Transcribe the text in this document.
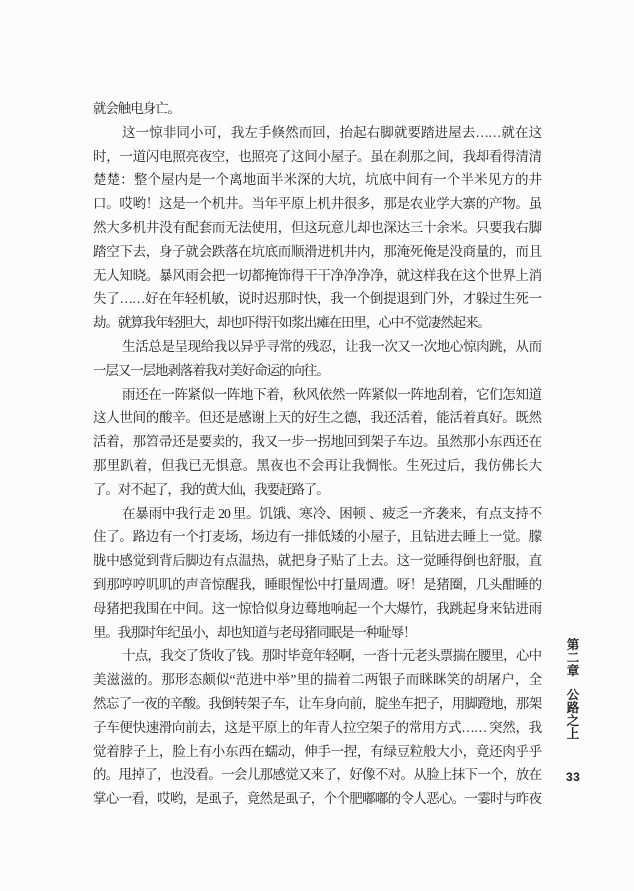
就会触电身亡。
这一惊非同小可，我左手倏然而回，抬起右脚就要踏进屋去……就在这
时，一道闪电照亮夜空，也照亮了这间小屋子。虽在刹那之间，我却看得清清
楚楚：整个屋内是一个离地面半米深的大坑，坑底中间有一个半米见方的井
口。哎哟！这是一个机井。当年平原上机井很多，那是农业学大寨的产物。虽
然大多机井没有配套而无法使用，但这玩意儿却也深达三十余米。只要我右脚
踏空下去，身子就会跌落在坑底而顺滑进机井内，那淹死俺是没商量的，而且
无人知晓。暴风雨会把一切都掩饰得干干净净净净，就这样我在这个世界上消
失了……好在年轻机敏，说时迟那时快，我一个倒提退到门外，才躲过生死一
劫。就算我年轻胆大，却也吓得汗如浆出瘫在田里，心中不觉凄然起来。
生活总是呈现给我以异乎寻常的残忍，让我一次又一次地心惊肉跳，从而
一层又一层地剥落着我对美好命运的向往。
雨还在一阵紧似一阵地下着，秋风依然一阵紧似一阵地刮着，它们怎知道
这人世间的酸辛。但还是感谢上天的好生之德，我还活着，能活着真好。既然
活着，那笤帚还是要卖的，我又一步一拐地回到架子车边。虽然那小东西还在
那里趴着，但我已无惧意。黑夜也不会再让我惆怅。生死过后，我仿佛长大
了。对不起了，我的黄大仙，我要赶路了。
在暴雨中我行走 20 里。饥饿、寒冷、困顿 、疲乏一齐袭来，有点支持不
住了。路边有一个打麦场，场边有一排低矮的小屋子，且钻进去睡上一觉。朦
胧中感觉到背后脚边有点温热，就把身子贴了上去。这一觉睡得倒也舒服，直
到那哼哼叽叽的声音惊醒我，睡眼惺忪中打量周遭。呀！是猪圈，几头酣睡的
母猪把我围在中间。这一惊恰似身边蓦地响起一个大爆竹，我跳起身来钻进雨
里。我那时年纪虽小，却也知道与老母猪同眠是一种耻辱！
十点，我交了货收了钱。那时毕竟年轻啊，一沓十元老头票揣在腰里，心中
美滋滋的。那形态颇似“范进中举”里的揣着二两银子而眯眯笑的胡屠户，全
然忘了一夜的辛酸。我倒转架子车，让车身向前，腚坐车把子，用脚蹬地，那架
子车便快速滑向前去，这是平原上的年青人拉空架子的常用方式…… 突然，我
觉着脖子上，脸上有小东西在蠕动，伸手一捏，有绿豆粒般大小，竟还肉乎乎
的。甩掉了，也没看。一会儿那感觉又来了，好像不对。从脸上抹下一个，放在
掌心一看，哎哟，是虱子，竟然是虱子，个个肥嘟嘟的令人恶心。一霎时与昨夜
第二章公路之上
33
